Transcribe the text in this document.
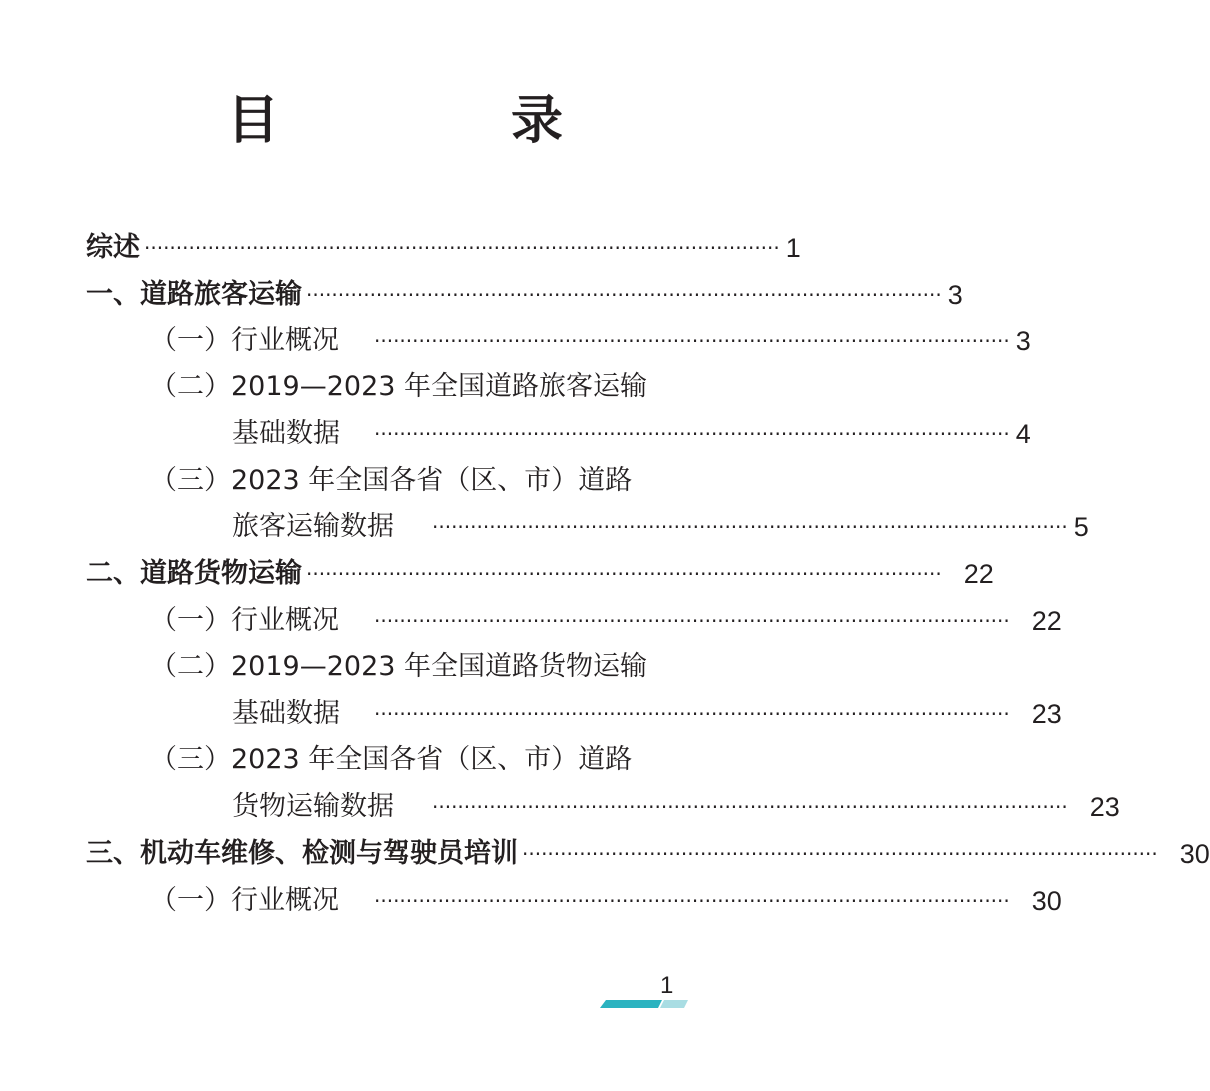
目　录
综述 ···································································································· 1
一、道路旅客运输 ···································································································· 3
（一）行业概况	···································································································· 3
（二）2019—2023 年全国道路旅客运输
基础数据	···································································································· 4
（三）2023 年全国各省（区、市）道路
旅客运输数据	···································································································· 5
二、道路货物运输 ···································································································· 22
（一）行业概况	···································································································· 22
（二）2019—2023 年全国道路货物运输
基础数据	···································································································· 23
（三）2023 年全国各省（区、市）道路
货物运输数据	···································································································· 23
三、机动车维修、检测与驾驶员培训 ···································································································· 30
（一）行业概况	···································································································· 30
1
